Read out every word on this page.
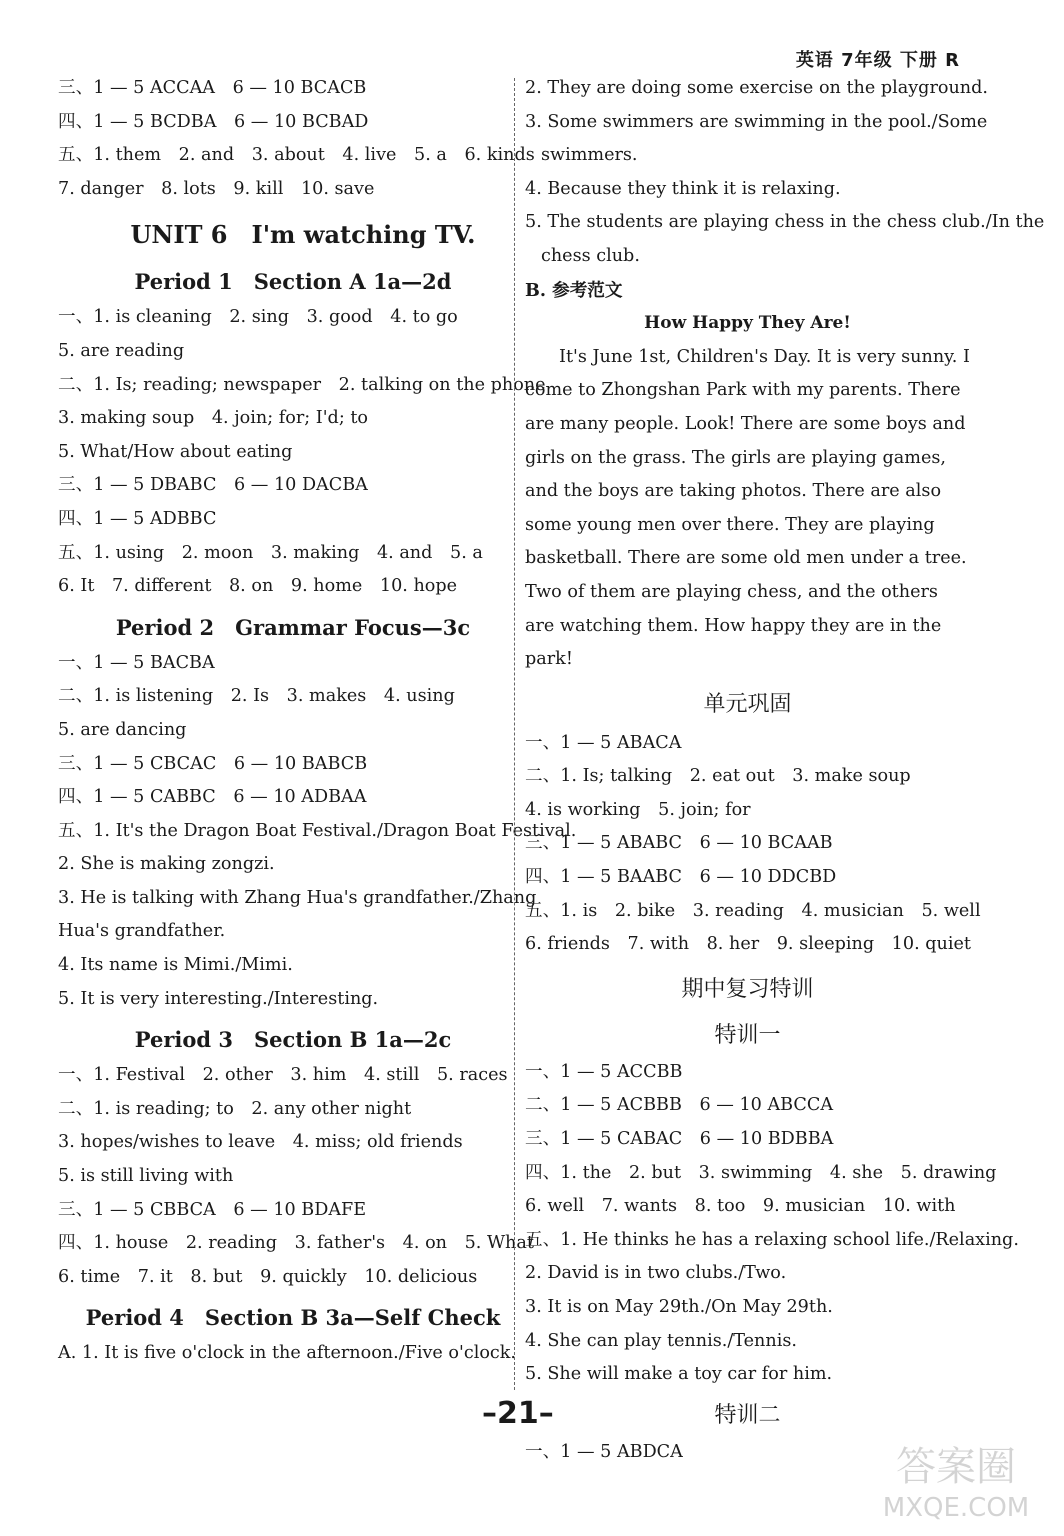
英语 7年级 下册 R
三、1 — 5 ACCAA　6 — 10 BCACB
四、1 — 5 BCDBA　6 — 10 BCBAD
五、1. them　2. and　3. about　4. live　5. a　6. kinds
7. danger　8. lots　9. kill　10. save
UNIT 6　I'm watching TV.
Period 1　Section A 1a—2d
一、1. is cleaning　2. sing　3. good　4. to go
5. are reading
二、1. Is; reading; newspaper　2. talking on the phone
3. making soup　4. join; for; I'd; to
5. What/How about eating
三、1 — 5 DBABC　6 — 10 DACBA
四、1 — 5 ADBBC
五、1. using　2. moon　3. making　4. and　5. a
6. It　7. different　8. on　9. home　10. hope
Period 2　Grammar Focus—3c
一、1 — 5 BACBA
二、1. is listening　2. Is　3. makes　4. using
5. are dancing
三、1 — 5 CBCAC　6 — 10 BABCB
四、1 — 5 CABBC　6 — 10 ADBAA
五、1. It's the Dragon Boat Festival./Dragon Boat Festival.
2. She is making zongzi.
3. He is talking with Zhang Hua's grandfather./Zhang
Hua's grandfather.
4. Its name is Mimi./Mimi.
5. It is very interesting./Interesting.
Period 3　Section B 1a—2c
一、1. Festival　2. other　3. him　4. still　5. races
二、1. is reading; to　2. any other night
3. hopes/wishes to leave　4. miss; old friends
5. is still living with
三、1 — 5 CBBCA　6 — 10 BDAFE
四、1. house　2. reading　3. father's　4. on　5. What
6. time　7. it　8. but　9. quickly　10. delicious
Period 4　Section B 3a—Self Check
A. 1. It is five o'clock in the afternoon./Five o'clock.
2. They are doing some exercise on the playground.
3. Some swimmers are swimming in the pool./Some
swimmers.
4. Because they think it is relaxing.
5. The students are playing chess in the chess club./In the
chess club.
B. 参考范文
How Happy They Are!

It's June 1st, Children's Day. It is very sunny. I come to Zhongshan Park with my parents. There are many people. Look! There are some boys and girls on the grass. The girls are playing games, and the boys are taking photos. There are also some young men over there. They are playing basketball. There are some old men under a tree. Two of them are playing chess, and the others are watching them. How happy they are in the park!

单元巩固
一、1 — 5 ABACA
二、1. Is; talking　2. eat out　3. make soup
4. is working　5. join; for
三、1 — 5 ABABC　6 — 10 BCAAB
四、1 — 5 BAABC　6 — 10 DDCBD
五、1. is　2. bike　3. reading　4. musician　5. well
6. friends　7. with　8. her　9. sleeping　10. quiet
期中复习特训
特训一
一、1 — 5 ACCBB
二、1 — 5 ACBBB　6 — 10 ABCCA
三、1 — 5 CABAC　6 — 10 BDBBA
四、1. the　2. but　3. swimming　4. she　5. drawing
6. well　7. wants　8. too　9. musician　10. with
五、1. He thinks he has a relaxing school life./Relaxing.
2. David is in two clubs./Two.
3. It is on May 29th./On May 29th.
4. She can play tennis./Tennis.
5. She will make a toy car for him.
特训二
一、1 — 5 ABDCA
–21–
答案圈
MXQE.COM
